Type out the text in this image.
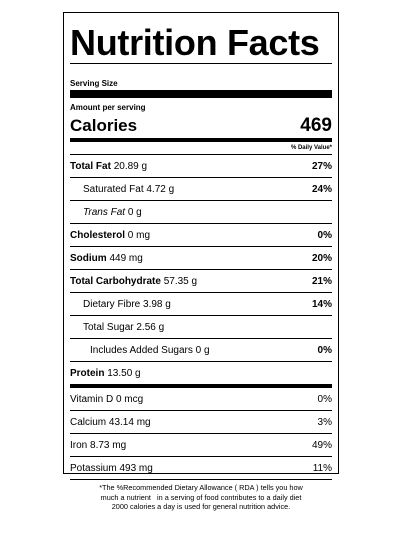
Nutrition Facts
Serving Size
Amount per serving
Calories	469
% Daily Value*
Total Fat 20.89 g	27%
Saturated Fat 4.72 g	24%
Trans Fat 0 g
Cholesterol 0 mg	0%
Sodium 449 mg	20%
Total Carbohydrate 57.35 g	21%
Dietary Fibre 3.98 g	14%
Total Sugar 2.56 g
Includes Added Sugars 0 g	0%
Protein 13.50 g
Vitamin D 0 mcg	0%
Calcium 43.14 mg	3%
Iron 8.73 mg	49%
Potassium 493 mg	11%
*The %Recommended Dietary Allowance ( RDA ) tells you how
much a nutrient   in a serving of food contributes to a daily diet
2000 calories a day is used for general nutrition advice.
